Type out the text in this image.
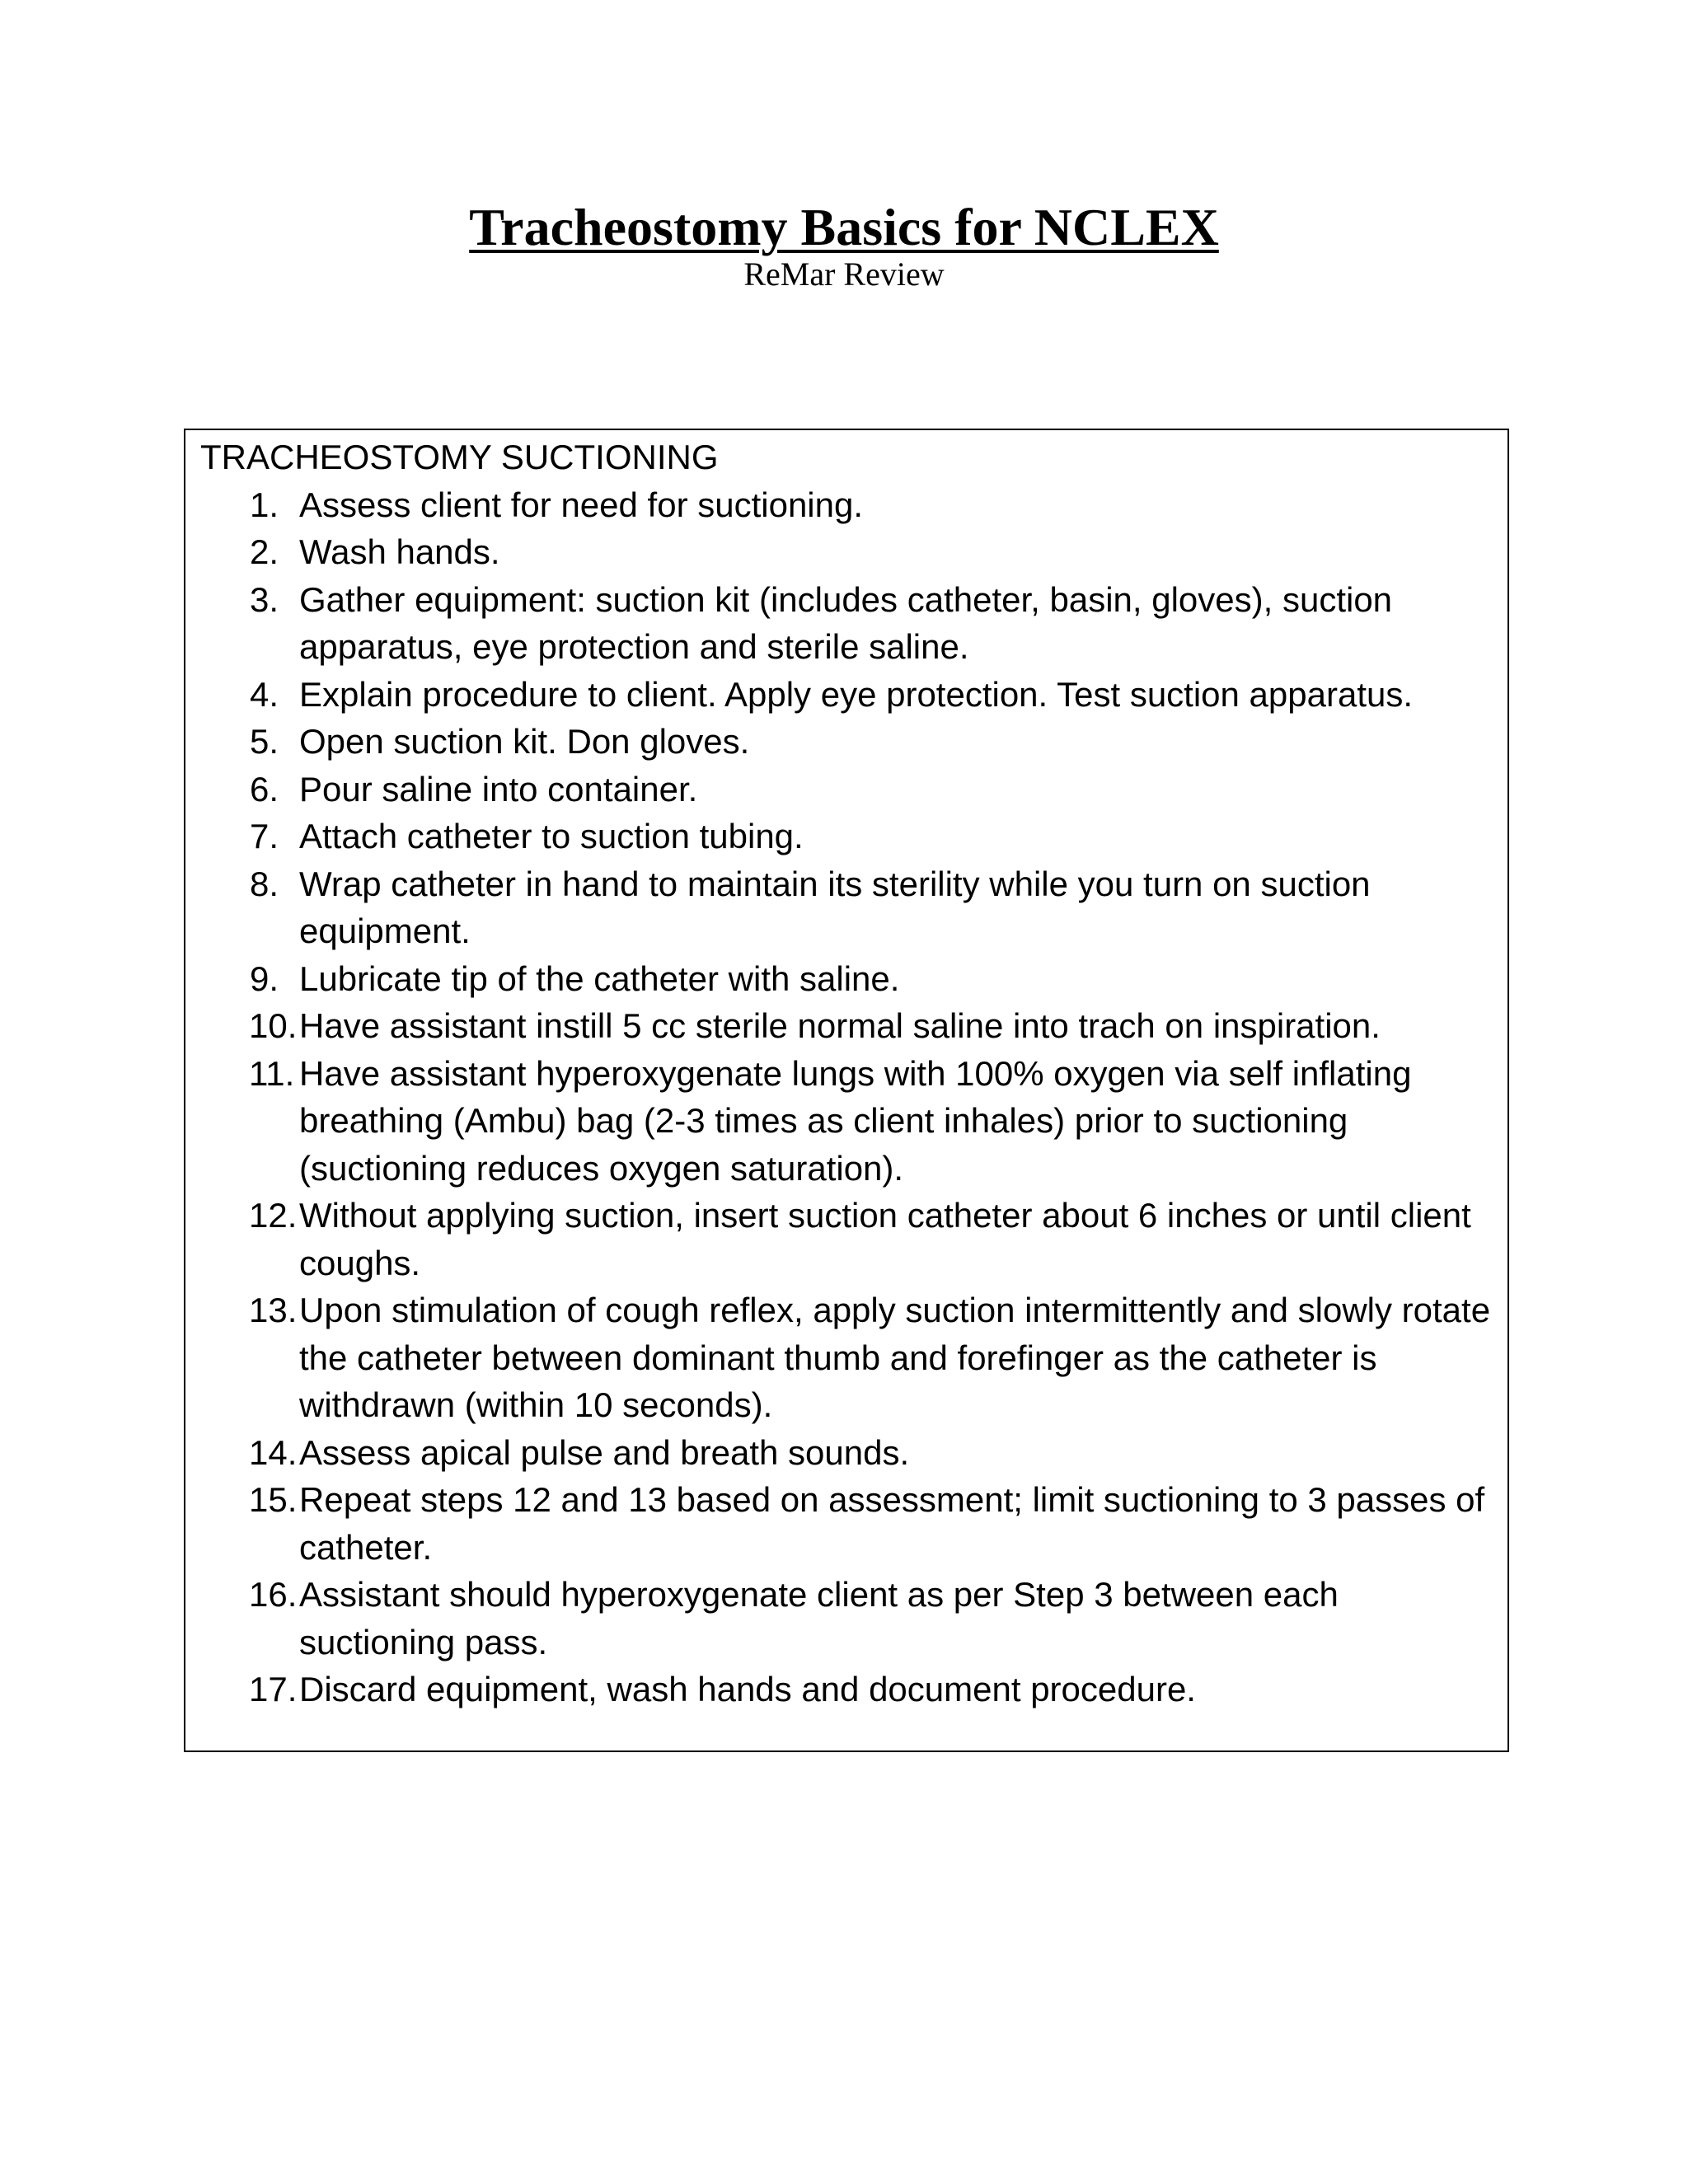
Tracheostomy Basics for NCLEX

ReMar Review

TRACHEOSTOMY SUCTIONING
1. Assess client for need for suctioning.
2. Wash hands.
3. Gather equipment: suction kit (includes catheter, basin, gloves), suction apparatus, eye protection and sterile saline.
4. Explain procedure to client. Apply eye protection. Test suction apparatus.
5. Open suction kit. Don gloves.
6. Pour saline into container.
7. Attach catheter to suction tubing.
8. Wrap catheter in hand to maintain its sterility while you turn on suction equipment.
9. Lubricate tip of the catheter with saline.
10. Have assistant instill 5 cc sterile normal saline into trach on inspiration.
11. Have assistant hyperoxygenate lungs with 100% oxygen via self inflating breathing (Ambu) bag (2-3 times as client inhales) prior to suctioning (suctioning reduces oxygen saturation).
12. Without applying suction, insert suction catheter about 6 inches or until client coughs.
13. Upon stimulation of cough reflex, apply suction intermittently and slowly rotate the catheter between dominant thumb and forefinger as the catheter is withdrawn (within 10 seconds).
14. Assess apical pulse and breath sounds.
15. Repeat steps 12 and 13 based on assessment; limit suctioning to 3 passes of catheter.
16. Assistant should hyperoxygenate client as per Step 3 between each suctioning pass.
17. Discard equipment, wash hands and document procedure.
